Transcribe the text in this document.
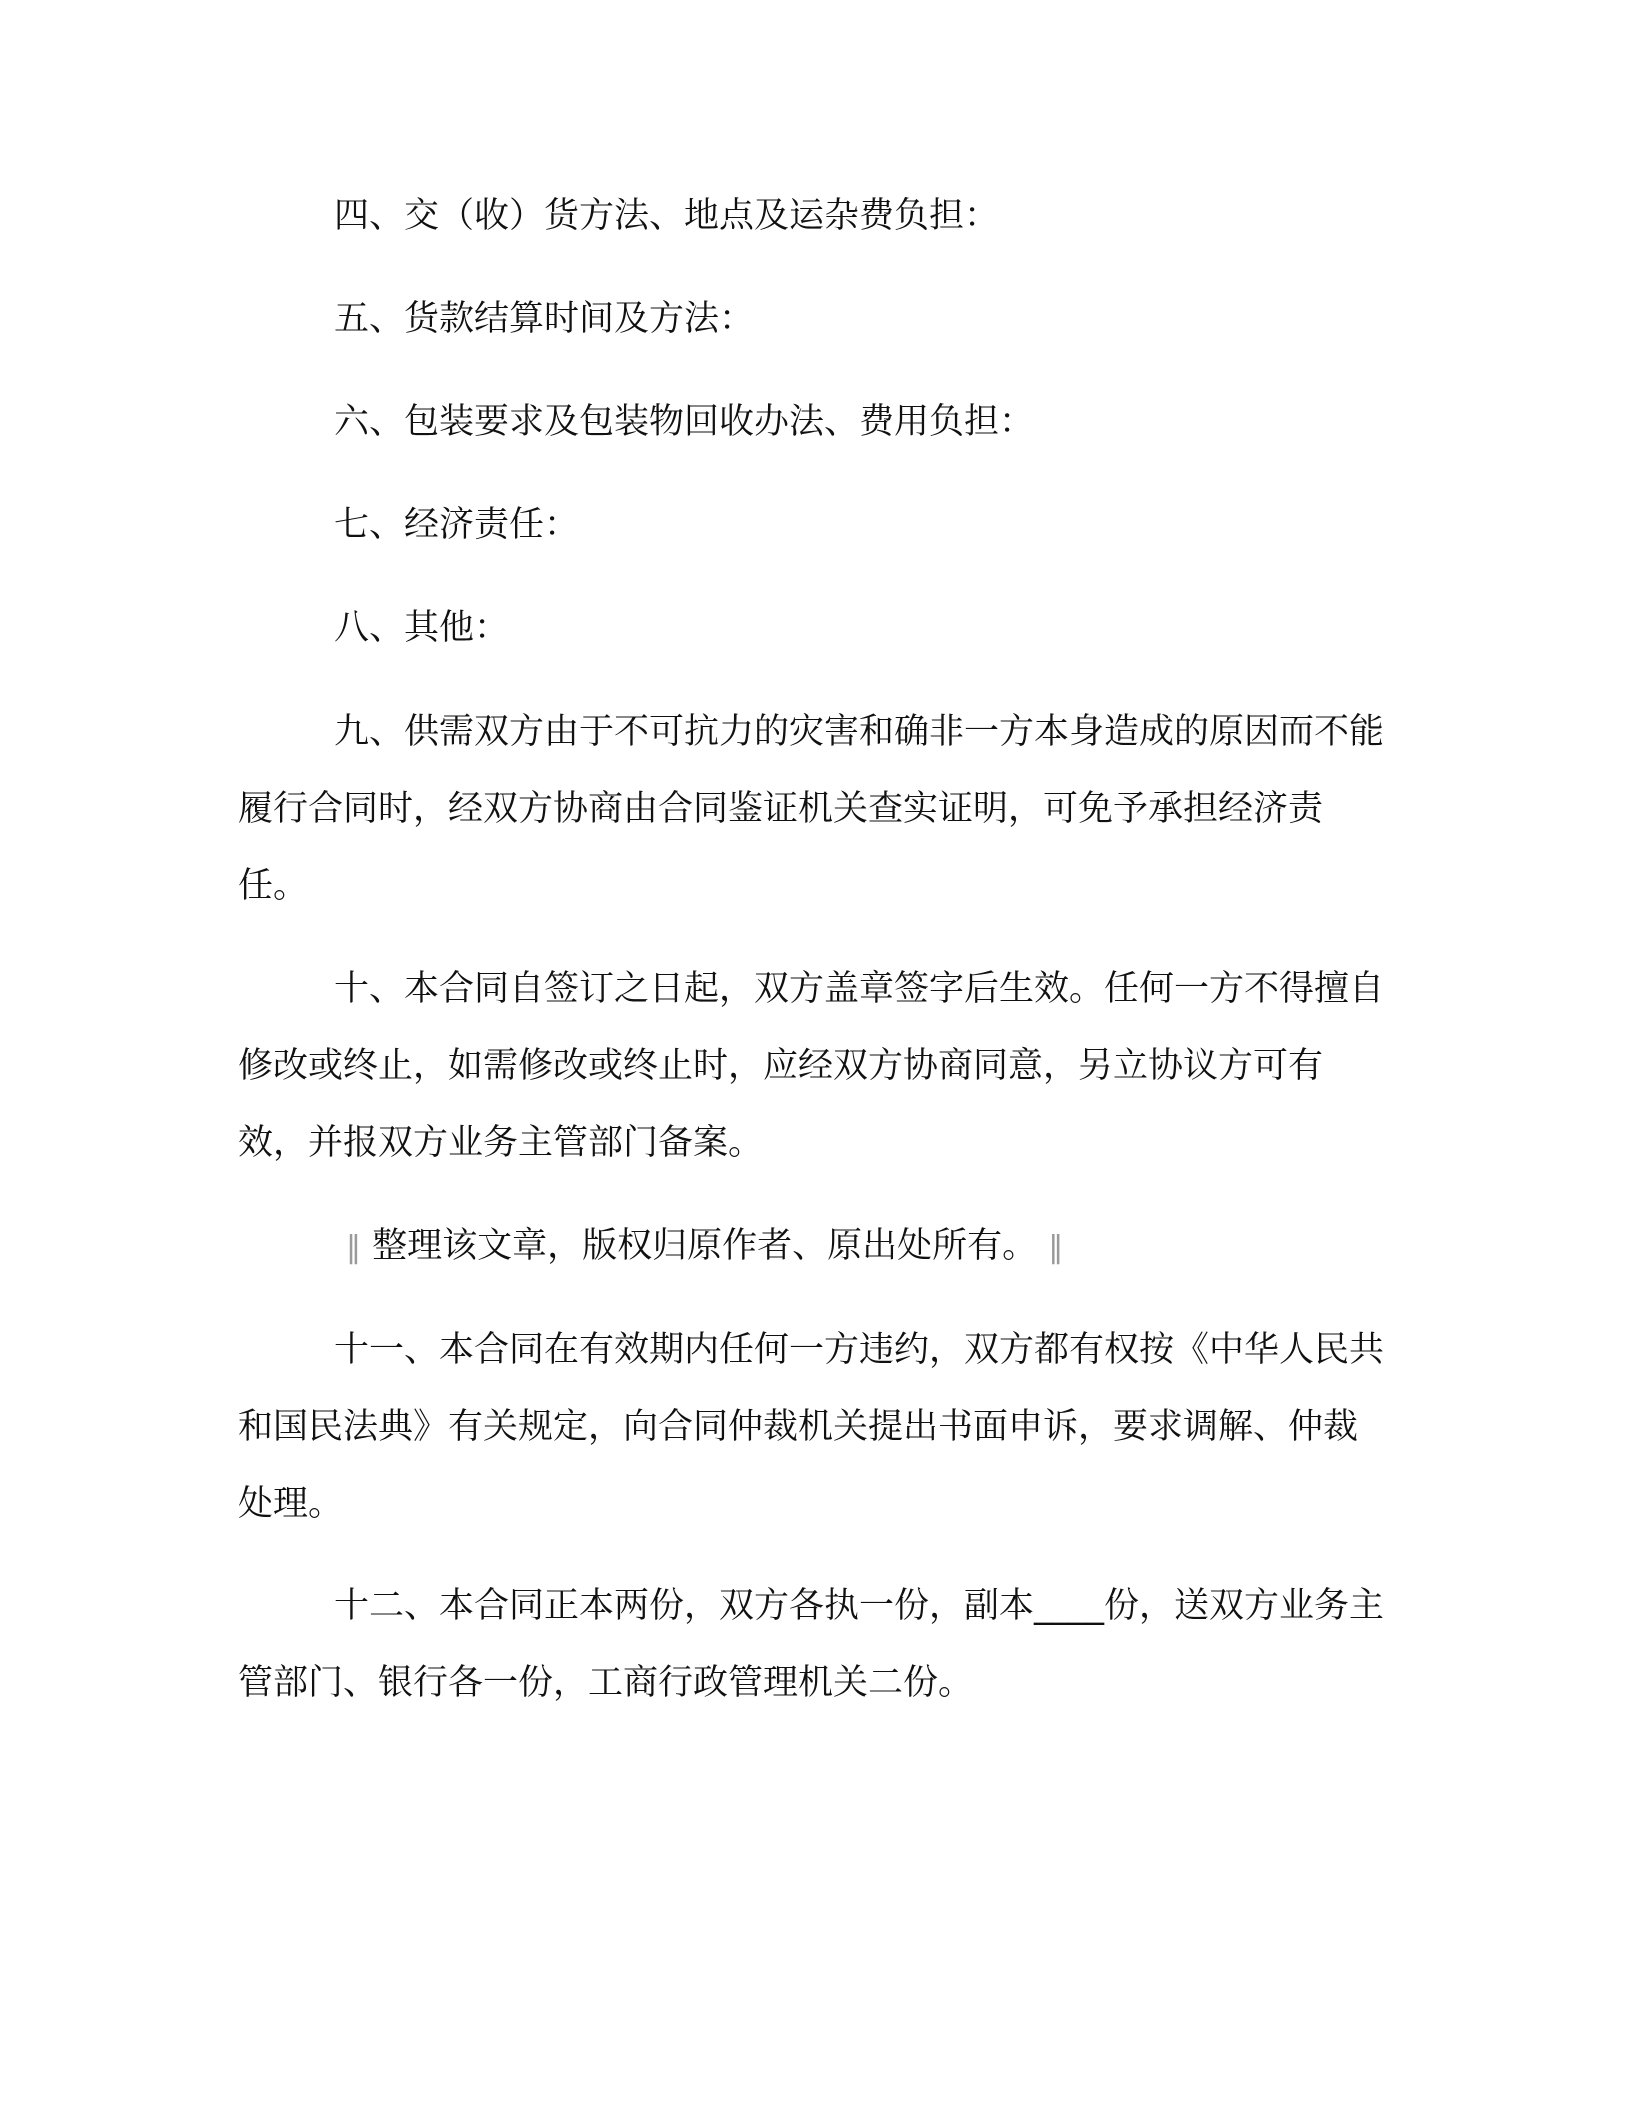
四、交（收）货方法、地点及运杂费负担：
五、货款结算时间及方法：
六、包装要求及包装物回收办法、费用负担：
七、经济责任：
八、其他：
九、供需双方由于不可抗力的灾害和确非一方本身造成的原因而不能履行合同时，经双方协商由合同鉴证机关查实证明，可免予承担经济责任。
十、本合同自签订之日起，双方盖章签字后生效。任何一方不得擅自修改或终止，如需修改或终止时，应经双方协商同意，另立协议方可有效，并报双方业务主管部门备案。
‖ 整理该文章，版权归原作者、原出处所有。 ‖
十一、本合同在有效期内任何一方违约，双方都有权按《中华人民共和国民法典》有关规定，向合同仲裁机关提出书面申诉，要求调解、仲裁处理。
十二、本合同正本两份，双方各执一份，副本____份，送双方业务主管部门、银行各一份，工商行政管理机关二份。
